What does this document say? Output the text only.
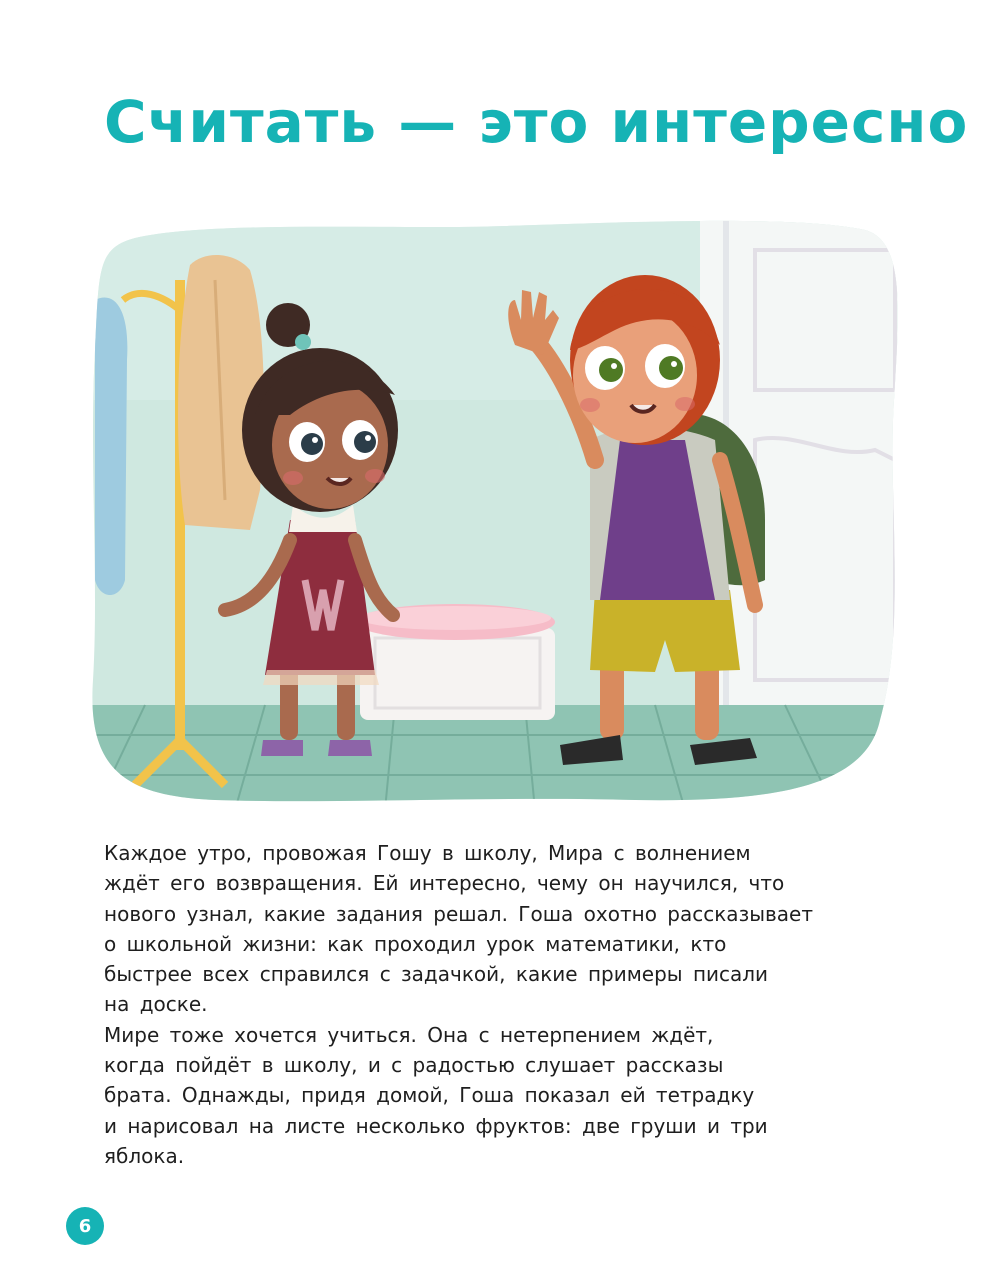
Считать — это интересно

Каждое утро, провожая Гошу в школу, Мира с волнением
ждёт его возвращения. Ей интересно, чему он научился, что
нового узнал, какие задания решал. Гоша охотно рассказывает
о школьной жизни: как проходил урок математики, кто
быстрее всех справился с задачкой, какие примеры писали
на доске.

Мире тоже хочется учиться. Она с нетерпением ждёт,
когда пойдёт в школу, и с радостью слушает рассказы
брата. Однажды, придя домой, Гоша показал ей тетрадку
и нарисовал на листе несколько фруктов: две груши и три
яблока.

6
